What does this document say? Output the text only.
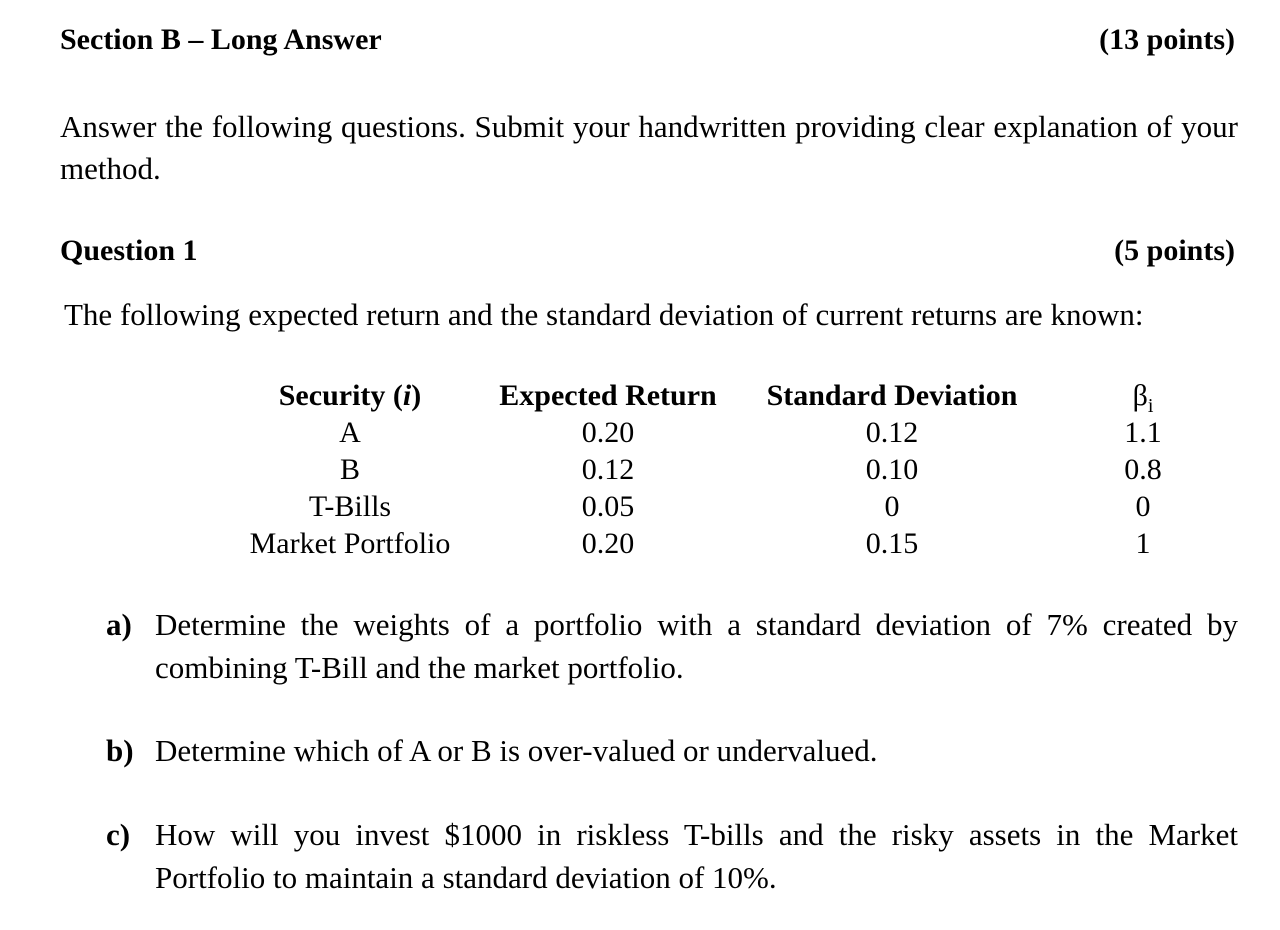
Section B – Long Answer	(13 points)
Answer the following questions. Submit your handwritten providing clear explanation of your method.
Question 1	(5 points)
The following expected return and the standard deviation of current returns are known:
Security (i)	Expected Return	Standard Deviation	$\beta_i$
A	0.20	0.12	1.1
B	0.12	0.10	0.8
T-Bills	0.05	0	0
Market Portfolio	0.20	0.15	1
a) Determine the weights of a portfolio with a standard deviation of 7% created by combining T-Bill and the market portfolio.
b) Determine which of A or B is over-valued or undervalued.
c) How will you invest $1000 in riskless T-bills and the risky assets in the Market Portfolio to maintain a standard deviation of 10%.
